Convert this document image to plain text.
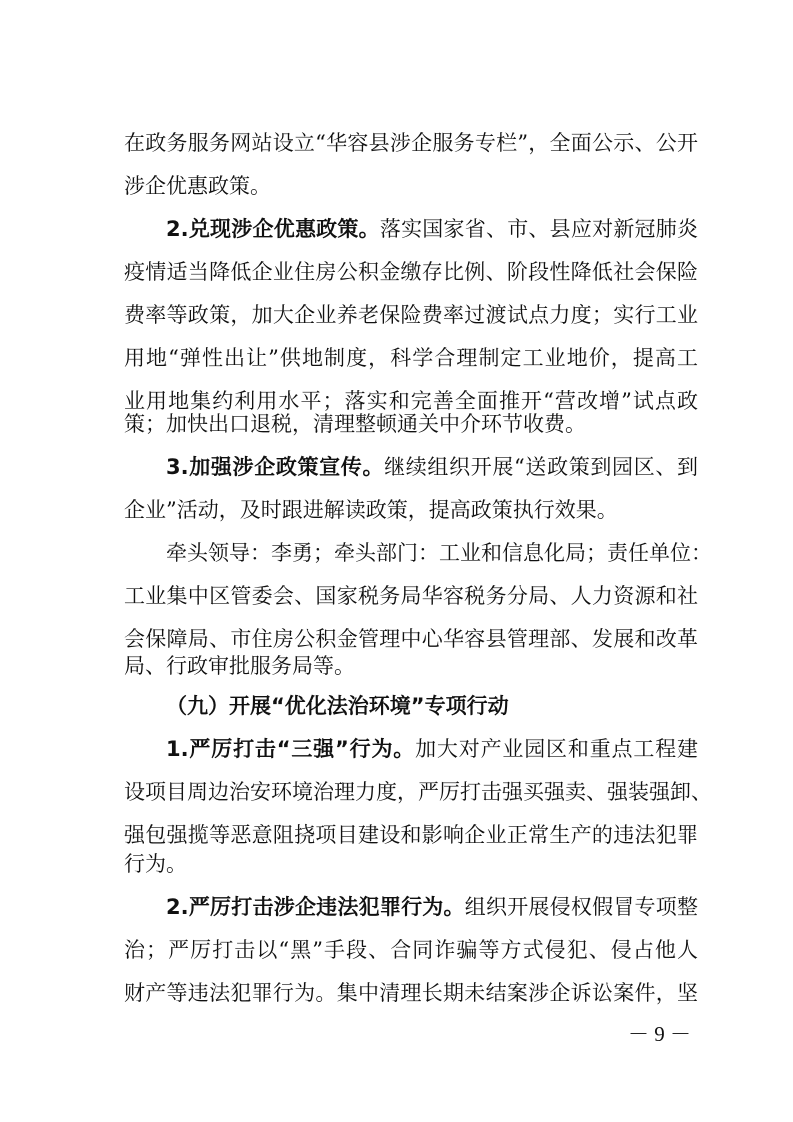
在政务服务网站设立“华容县涉企服务专栏”，全面公示、公开
涉企优惠政策。
2.兑现涉企优惠政策。落实国家省、市、县应对新冠肺炎
疫情适当降低企业住房公积金缴存比例、阶段性降低社会保险
费率等政策，加大企业养老保险费率过渡试点力度；实行工业
用地“弹性出让”供地制度，科学合理制定工业地价，提高工
业用地集约利用水平；落实和完善全面推开“营改增”试点政
策；加快出口退税，清理整顿通关中介环节收费。
3.加强涉企政策宣传。继续组织开展“送政策到园区、到
企业”活动，及时跟进解读政策，提高政策执行效果。
牵头领导：李勇；牵头部门：工业和信息化局；责任单位：
工业集中区管委会、国家税务局华容税务分局、人力资源和社
会保障局、市住房公积金管理中心华容县管理部、发展和改革
局、行政审批服务局等。
（九）开展“优化法治环境”专项行动
1.严厉打击“三强”行为。加大对产业园区和重点工程建
设项目周边治安环境治理力度，严厉打击强买强卖、强装强卸、
强包强揽等恶意阻挠项目建设和影响企业正常生产的违法犯罪
行为。
2.严厉打击涉企违法犯罪行为。组织开展侵权假冒专项整
治；严厉打击以“黑”手段、合同诈骗等方式侵犯、侵占他人
财产等违法犯罪行为。集中清理长期未结案涉企诉讼案件，坚
－ 9 －
